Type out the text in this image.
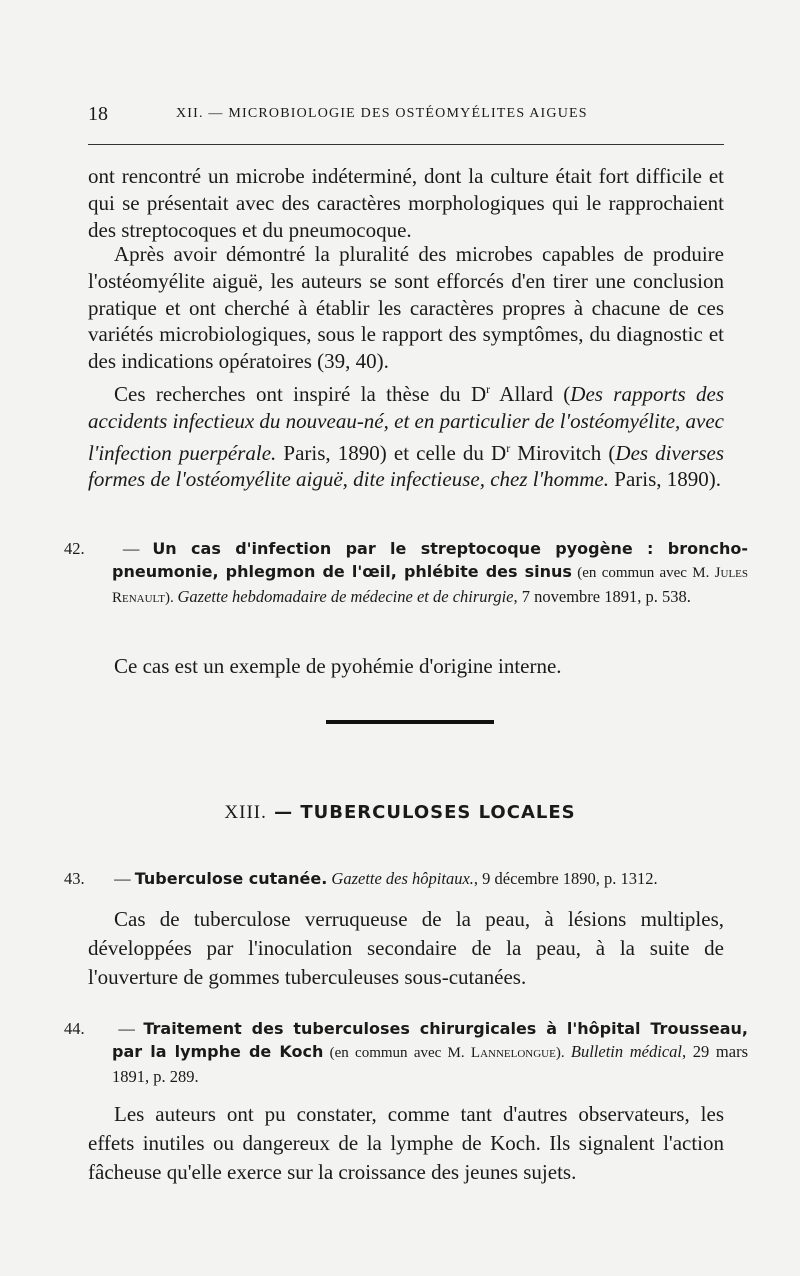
18	XII. — MICROBIOLOGIE DES OSTÉOMYÉLITES AIGUES

ont rencontré un microbe indéterminé, dont la culture était fort difficile et qui se présentait avec des caractères morphologiques qui le rapprochaient des streptocoques et du pneumocoque.

Après avoir démontré la pluralité des microbes capables de produire l'ostéomyélite aiguë, les auteurs se sont efforcés d'en tirer une conclusion pratique et ont cherché à établir les caractères propres à chacune de ces variétés microbiologiques, sous le rapport des symptômes, du diagnostic et des indications opératoires (39, 40).

Ces recherches ont inspiré la thèse du $D^r$ Allard (Des rapports des accidents infectieux du nouveau-né, et en particulier de l'ostéomyélite, avec l'infection puerpérale. Paris, 1890) et celle du $D^r$ Mirovitch (Des diverses formes de l'ostéomyélite aiguë, dite infectieuse, chez l'homme. Paris, 1890).

42. — Un cas d'infection par le streptocoque pyogène : broncho-pneumonie, phlegmon de l'œil, phlébite des sinus (en commun avec M. Jules Renault). Gazette hebdomadaire de médecine et de chirurgie, 7 novembre 1891, p. 538.

Ce cas est un exemple de pyohémie d'origine interne.

XIII. — TUBERCULOSES LOCALES

43. — Tuberculose cutanée. Gazette des hôpitaux., 9 décembre 1890, p. 1312.

Cas de tuberculose verruqueuse de la peau, à lésions multiples, développées par l'inoculation secondaire de la peau, à la suite de l'ouverture de gommes tuberculeuses sous-cutanées.

44. — Traitement des tuberculoses chirurgicales à l'hôpital Trousseau, par la lymphe de Koch (en commun avec M. Lannelongue). Bulletin médical, 29 mars 1891, p. 289.

Les auteurs ont pu constater, comme tant d'autres observateurs, les effets inutiles ou dangereux de la lymphe de Koch. Ils signalent l'action fâcheuse qu'elle exerce sur la croissance des jeunes sujets.
